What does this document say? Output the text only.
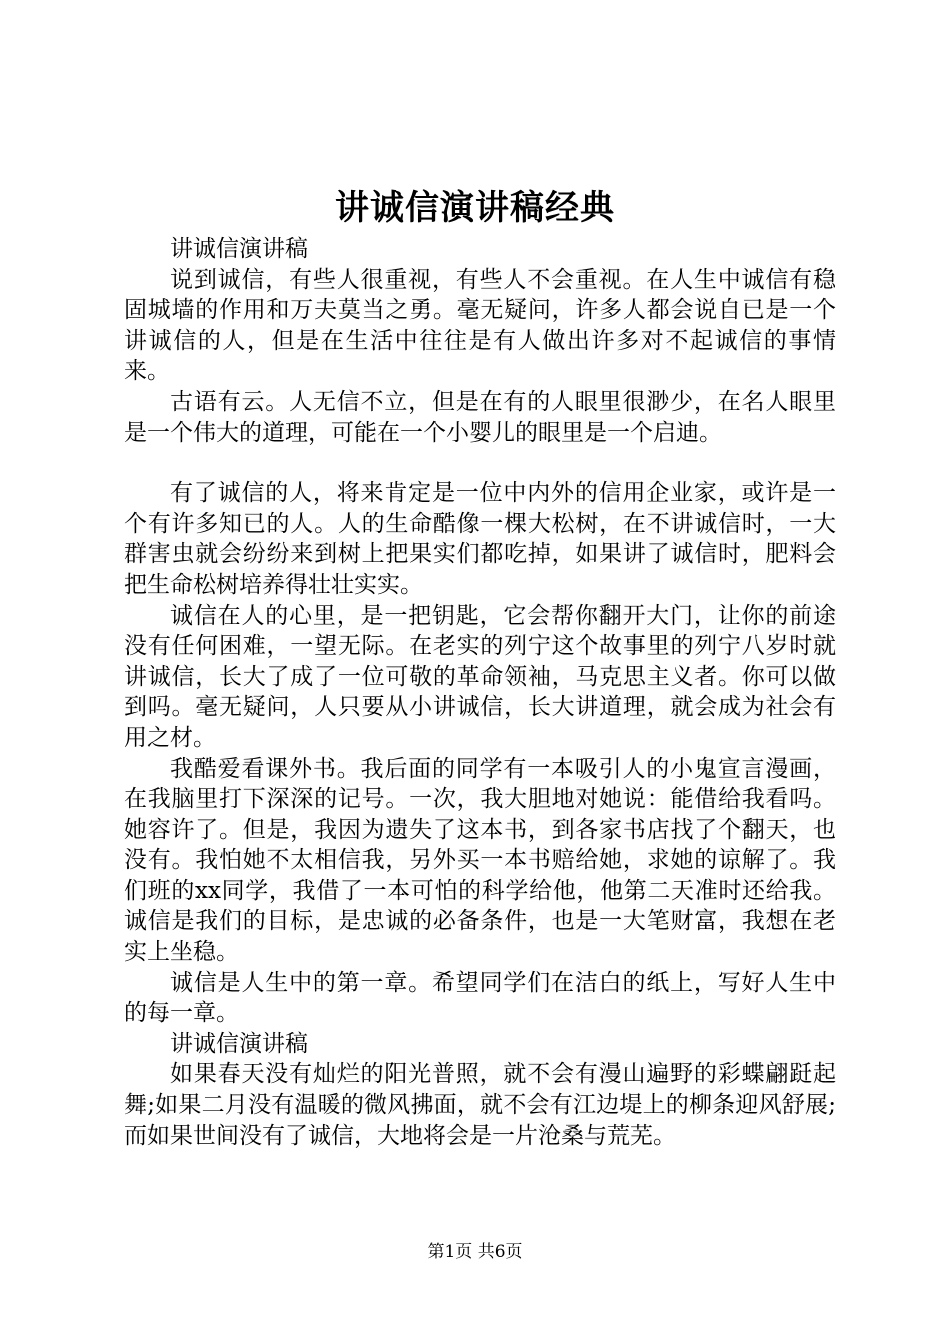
讲诚信演讲稿经典

讲诚信演讲稿

说到诚信，有些人很重视，有些人不会重视。在人生中诚信有稳固城墙的作用和万夫莫当之勇。毫无疑问，许多人都会说自已是一个讲诚信的人，但是在生活中往往是有人做出许多对不起诚信的事情来。

古语有云。人无信不立，但是在有的人眼里很渺少，在名人眼里是一个伟大的道理，可能在一个小婴儿的眼里是一个启迪。

有了诚信的人，将来肯定是一位中内外的信用企业家，或许是一个有许多知已的人。人的生命酷像一棵大松树，在不讲诚信时，一大群害虫就会纷纷来到树上把果实们都吃掉，如果讲了诚信时，肥料会把生命松树培养得壮壮实实。

诚信在人的心里，是一把钥匙，它会帮你翻开大门，让你的前途没有任何困难，一望无际。在老实的列宁这个故事里的列宁八岁时就讲诚信，长大了成了一位可敬的革命领袖，马克思主义者。你可以做到吗。毫无疑问，人只要从小讲诚信，长大讲道理，就会成为社会有用之材。

我酷爱看课外书。我后面的同学有一本吸引人的小鬼宣言漫画，在我脑里打下深深的记号。一次，我大胆地对她说：能借给我看吗。她容许了。但是，我因为遗失了这本书，到各家书店找了个翻天，也没有。我怕她不太相信我，另外买一本书赔给她，求她的谅解了。我们班的xx同学，我借了一本可怕的科学给他，他第二天准时还给我。诚信是我们的目标，是忠诚的必备条件，也是一大笔财富，我想在老实上坐稳。

诚信是人生中的第一章。希望同学们在洁白的纸上，写好人生中的每一章。

讲诚信演讲稿

如果春天没有灿烂的阳光普照，就不会有漫山遍野的彩蝶翩跹起舞;如果二月没有温暖的微风拂面，就不会有江边堤上的柳条迎风舒展;而如果世间没有了诚信，大地将会是一片沧桑与荒芜。

第1页 共6页
